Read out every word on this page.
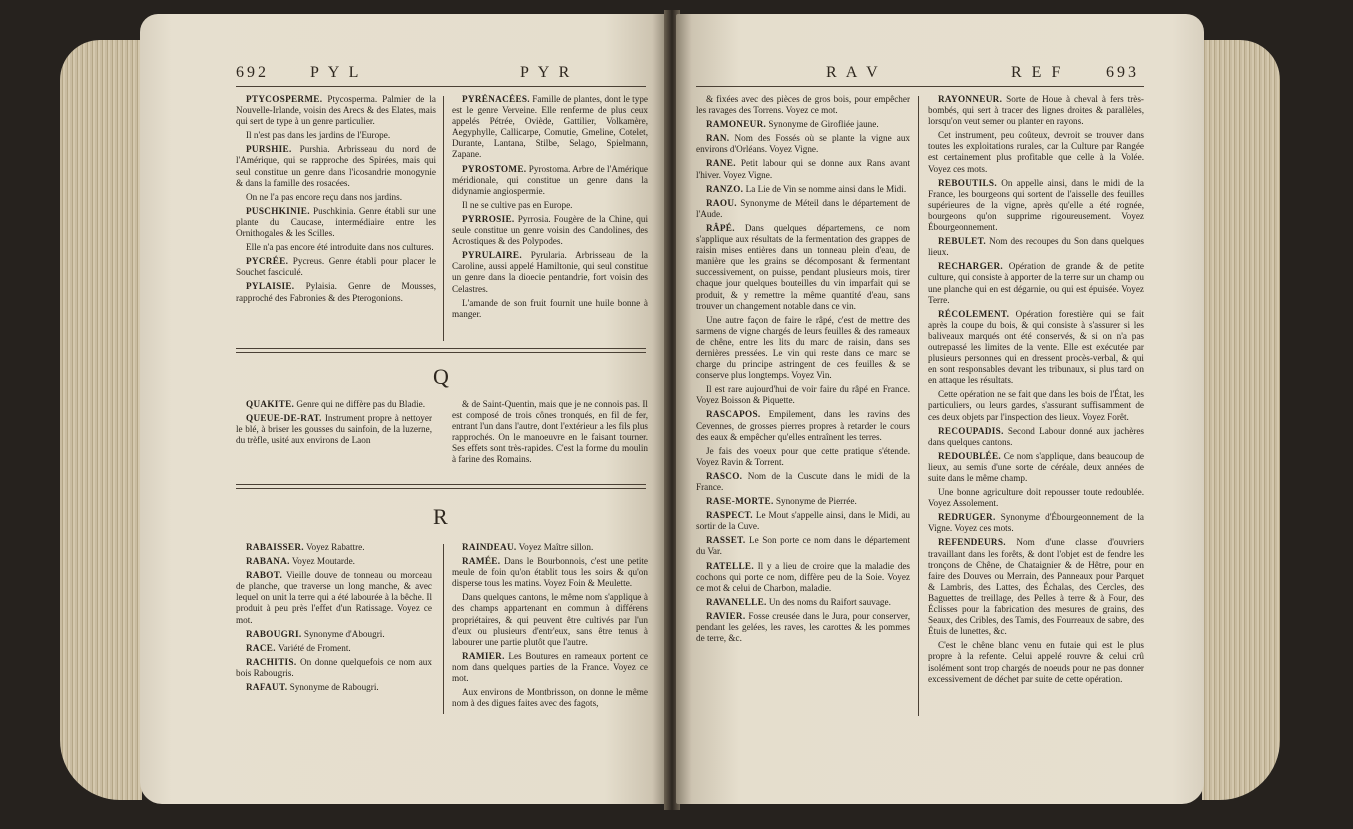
692	P Y L	P Y R

PTYCOSPERME. Ptycosperma. Palmier de la Nouvelle-Irlande, voisin des Arecs & des Elates, mais qui sert de type à un genre particulier.

Il n'est pas dans les jardins de l'Europe.

PURSHIE. Purshia. Arbrisseau du nord de l'Amérique, qui se rapproche des Spirées, mais qui seul constitue un genre dans l'icosandrie monogynie & dans la famille des rosacées.

On ne l'a pas encore reçu dans nos jardins.

PUSCHKINIE. Puschkinia. Genre établi sur une plante du Caucase, intermédiaire entre les Ornithogales & les Scilles.

Elle n'a pas encore été introduite dans nos cultures.

PYCRÉE. Pycreus. Genre établi pour placer le Souchet fasciculé.

PYLAISIE. Pylaisia. Genre de Mousses, rapproché des Fabronies & des Pterogonions.

PYRÉNACÉES. Famille de plantes, dont le type est le genre Verveine. Elle renferme de plus ceux appelés Pétrée, Oviède, Gattilier, Volkamère, Aegyphylle, Callicarpe, Comutie, Gmeline, Cotelet, Durante, Lantana, Stilbe, Selago, Spielmann, Zapane.

PYROSTOME. Pyrostoma. Arbre de l'Amérique méridionale, qui constitue un genre dans la didynamie angiospermie.

Il ne se cultive pas en Europe.

PYRROSIE. Pyrrosia. Fougère de la Chine, qui seule constitue un genre voisin des Candolines, des Acrostiques & des Polypodes.

PYRULAIRE. Pyrularia. Arbrisseau de la Caroline, aussi appelé Hamiltonie, qui seul constitue un genre dans la dioecie pentandrie, fort voisin des Celastres.

L'amande de son fruit fournit une huile bonne à manger.

Q

QUAKITE. Genre qui ne diffère pas du Bladie.

QUEUE-DE-RAT. Instrument propre à nettoyer le blé, à briser les gousses du sainfoin, de la luzerne, du trèfle, usité aux environs de Laon

& de Saint-Quentin, mais que je ne connois pas. Il est composé de trois cônes tronqués, en fil de fer, entrant l'un dans l'autre, dont l'extérieur a les fils plus rapprochés. On le manoeuvre en le faisant tourner. Ses effets sont très-rapides. C'est la forme du moulin à farine des Romains.

R

RABAISSER. Voyez Rabattre.

RABANA. Voyez Moutarde.

RABOT. Vieille douve de tonneau ou morceau de planche, que traverse un long manche, & avec lequel on unit la terre qui a été labourée à la bêche. Il produit à peu près l'effet d'un Ratissage. Voyez ce mot.

RABOUGRI. Synonyme d'Abougri.

RACE. Variété de Froment.

RACHITIS. On donne quelquefois ce nom aux bois Rabougris.

RAFAUT. Synonyme de Rabougri.

RAINDEAU. Voyez Maître sillon.

RAMÉE. Dans le Bourbonnois, c'est une petite meule de foin qu'on établit tous les soirs & qu'on disperse tous les matins. Voyez Foin & Meulette.

Dans quelques cantons, le même nom s'applique à des champs appartenant en commun à différens propriétaires, & qui peuvent être cultivés par l'un d'eux ou plusieurs d'entr'eux, sans être tenus à labourer une partie plutôt que l'autre.

RAMIER. Les Boutures en rameaux portent ce nom dans quelques parties de la France. Voyez ce mot.

Aux environs de Montbrisson, on donne le même nom à des digues faites avec des fagots,

R A V	R E F	693

& fixées avec des pièces de gros bois, pour empêcher les ravages des Torrens. Voyez ce mot.

RAMONEUR. Synonyme de Girofliée jaune.

RAN. Nom des Fossés où se plante la vigne aux environs d'Orléans. Voyez Vigne.

RANE. Petit labour qui se donne aux Rans avant l'hiver. Voyez Vigne.

RANZO. La Lie de Vin se nomme ainsi dans le Midi.

RAOU. Synonyme de Méteil dans le département de l'Aude.

RÂPÉ. Dans quelques départemens, ce nom s'applique aux résultats de la fermentation des grappes de raisin mises entières dans un tonneau plein d'eau, de manière que les grains se décomposant & fermentant successivement, on puisse, pendant plusieurs mois, tirer chaque jour quelques bouteilles du vin imparfait qui se produit, & y remettre la même quantité d'eau, sans trouver un changement notable dans ce vin.

Une autre façon de faire le râpé, c'est de mettre des sarmens de vigne chargés de leurs feuilles & des rameaux de chêne, entre les lits du marc de raisin, dans ses dernières pressées. Le vin qui reste dans ce marc se charge du principe astringent de ces feuilles & se conserve plus longtemps. Voyez Vin.

Il est rare aujourd'hui de voir faire du râpé en France. Voyez Boisson & Piquette.

RASCAPOS. Empilement, dans les ravins des Cevennes, de grosses pierres propres à retarder le cours des eaux & empêcher qu'elles entraînent les terres.

Je fais des voeux pour que cette pratique s'étende. Voyez Ravin & Torrent.

RASCO. Nom de la Cuscute dans le midi de la France.

RASE-MORTE. Synonyme de Pierrée.

RASPECT. Le Mout s'appelle ainsi, dans le Midi, au sortir de la Cuve.

RASSET. Le Son porte ce nom dans le département du Var.

RATELLE. Il y a lieu de croire que la maladie des cochons qui porte ce nom, diffère peu de la Soie. Voyez ce mot & celui de Charbon, maladie.

RAVANELLE. Un des noms du Raifort sauvage.

RAVIER. Fosse creusée dans le Jura, pour conserver, pendant les gelées, les raves, les carottes & les pommes de terre, &c.

RAYONNEUR. Sorte de Houe à cheval à fers très-bombés, qui sert à tracer des lignes droites & parallèles, lorsqu'on veut semer ou planter en rayons.

Cet instrument, peu coûteux, devroit se trouver dans toutes les exploitations rurales, car la Culture par Rangée est certainement plus profitable que celle à la Volée. Voyez ces mots.

REBOUTILS. On appelle ainsi, dans le midi de la France, les bourgeons qui sortent de l'aisselle des feuilles supérieures de la vigne, après qu'elle a été rognée, bourgeons qu'on supprime rigoureusement. Voyez Ébourgeonnement.

REBULET. Nom des recoupes du Son dans quelques lieux.

RECHARGER. Opération de grande & de petite culture, qui consiste à apporter de la terre sur un champ ou une planche qui en est dégarnie, ou qui est épuisée. Voyez Terre.

RÉCOLEMENT. Opération forestière qui se fait après la coupe du bois, & qui consiste à s'assurer si les baliveaux marqués ont été conservés, & si on n'a pas outrepassé les limites de la vente. Elle est exécutée par plusieurs personnes qui en dressent procès-verbal, & qui en sont responsables devant les tribunaux, si plus tard on en attaque les résultats.

Cette opération ne se fait que dans les bois de l'État, les particuliers, ou leurs gardes, s'assurant suffisamment de ces deux objets par l'inspection des lieux. Voyez Forêt.

RECOUPADIS. Second Labour donné aux jachères dans quelques cantons.

REDOUBLÉE. Ce nom s'applique, dans beaucoup de lieux, au semis d'une sorte de céréale, deux années de suite dans le même champ.

Une bonne agriculture doit repousser toute redoublée. Voyez Assolement.

REDRUGER. Synonyme d'Ébourgeonnement de la Vigne. Voyez ces mots.

REFENDEURS. Nom d'une classe d'ouvriers travaillant dans les forêts, & dont l'objet est de fendre les tronçons de Chêne, de Chataignier & de Hêtre, pour en faire des Douves ou Merrain, des Panneaux pour Parquet & Lambris, des Lattes, des Échalas, des Cercles, des Baguettes de treillage, des Pelles à terre & à Four, des Éclisses pour la fabrication des mesures de grains, des Seaux, des Cribles, des Tamis, des Fourreaux de sabre, des Étuis de lunettes, &c.

C'est le chêne blanc venu en futaie qui est le plus propre à la refente. Celui appelé rouvre & celui crû isolément sont trop chargés de noeuds pour ne pas donner excessivement de déchet par suite de cette opération.
